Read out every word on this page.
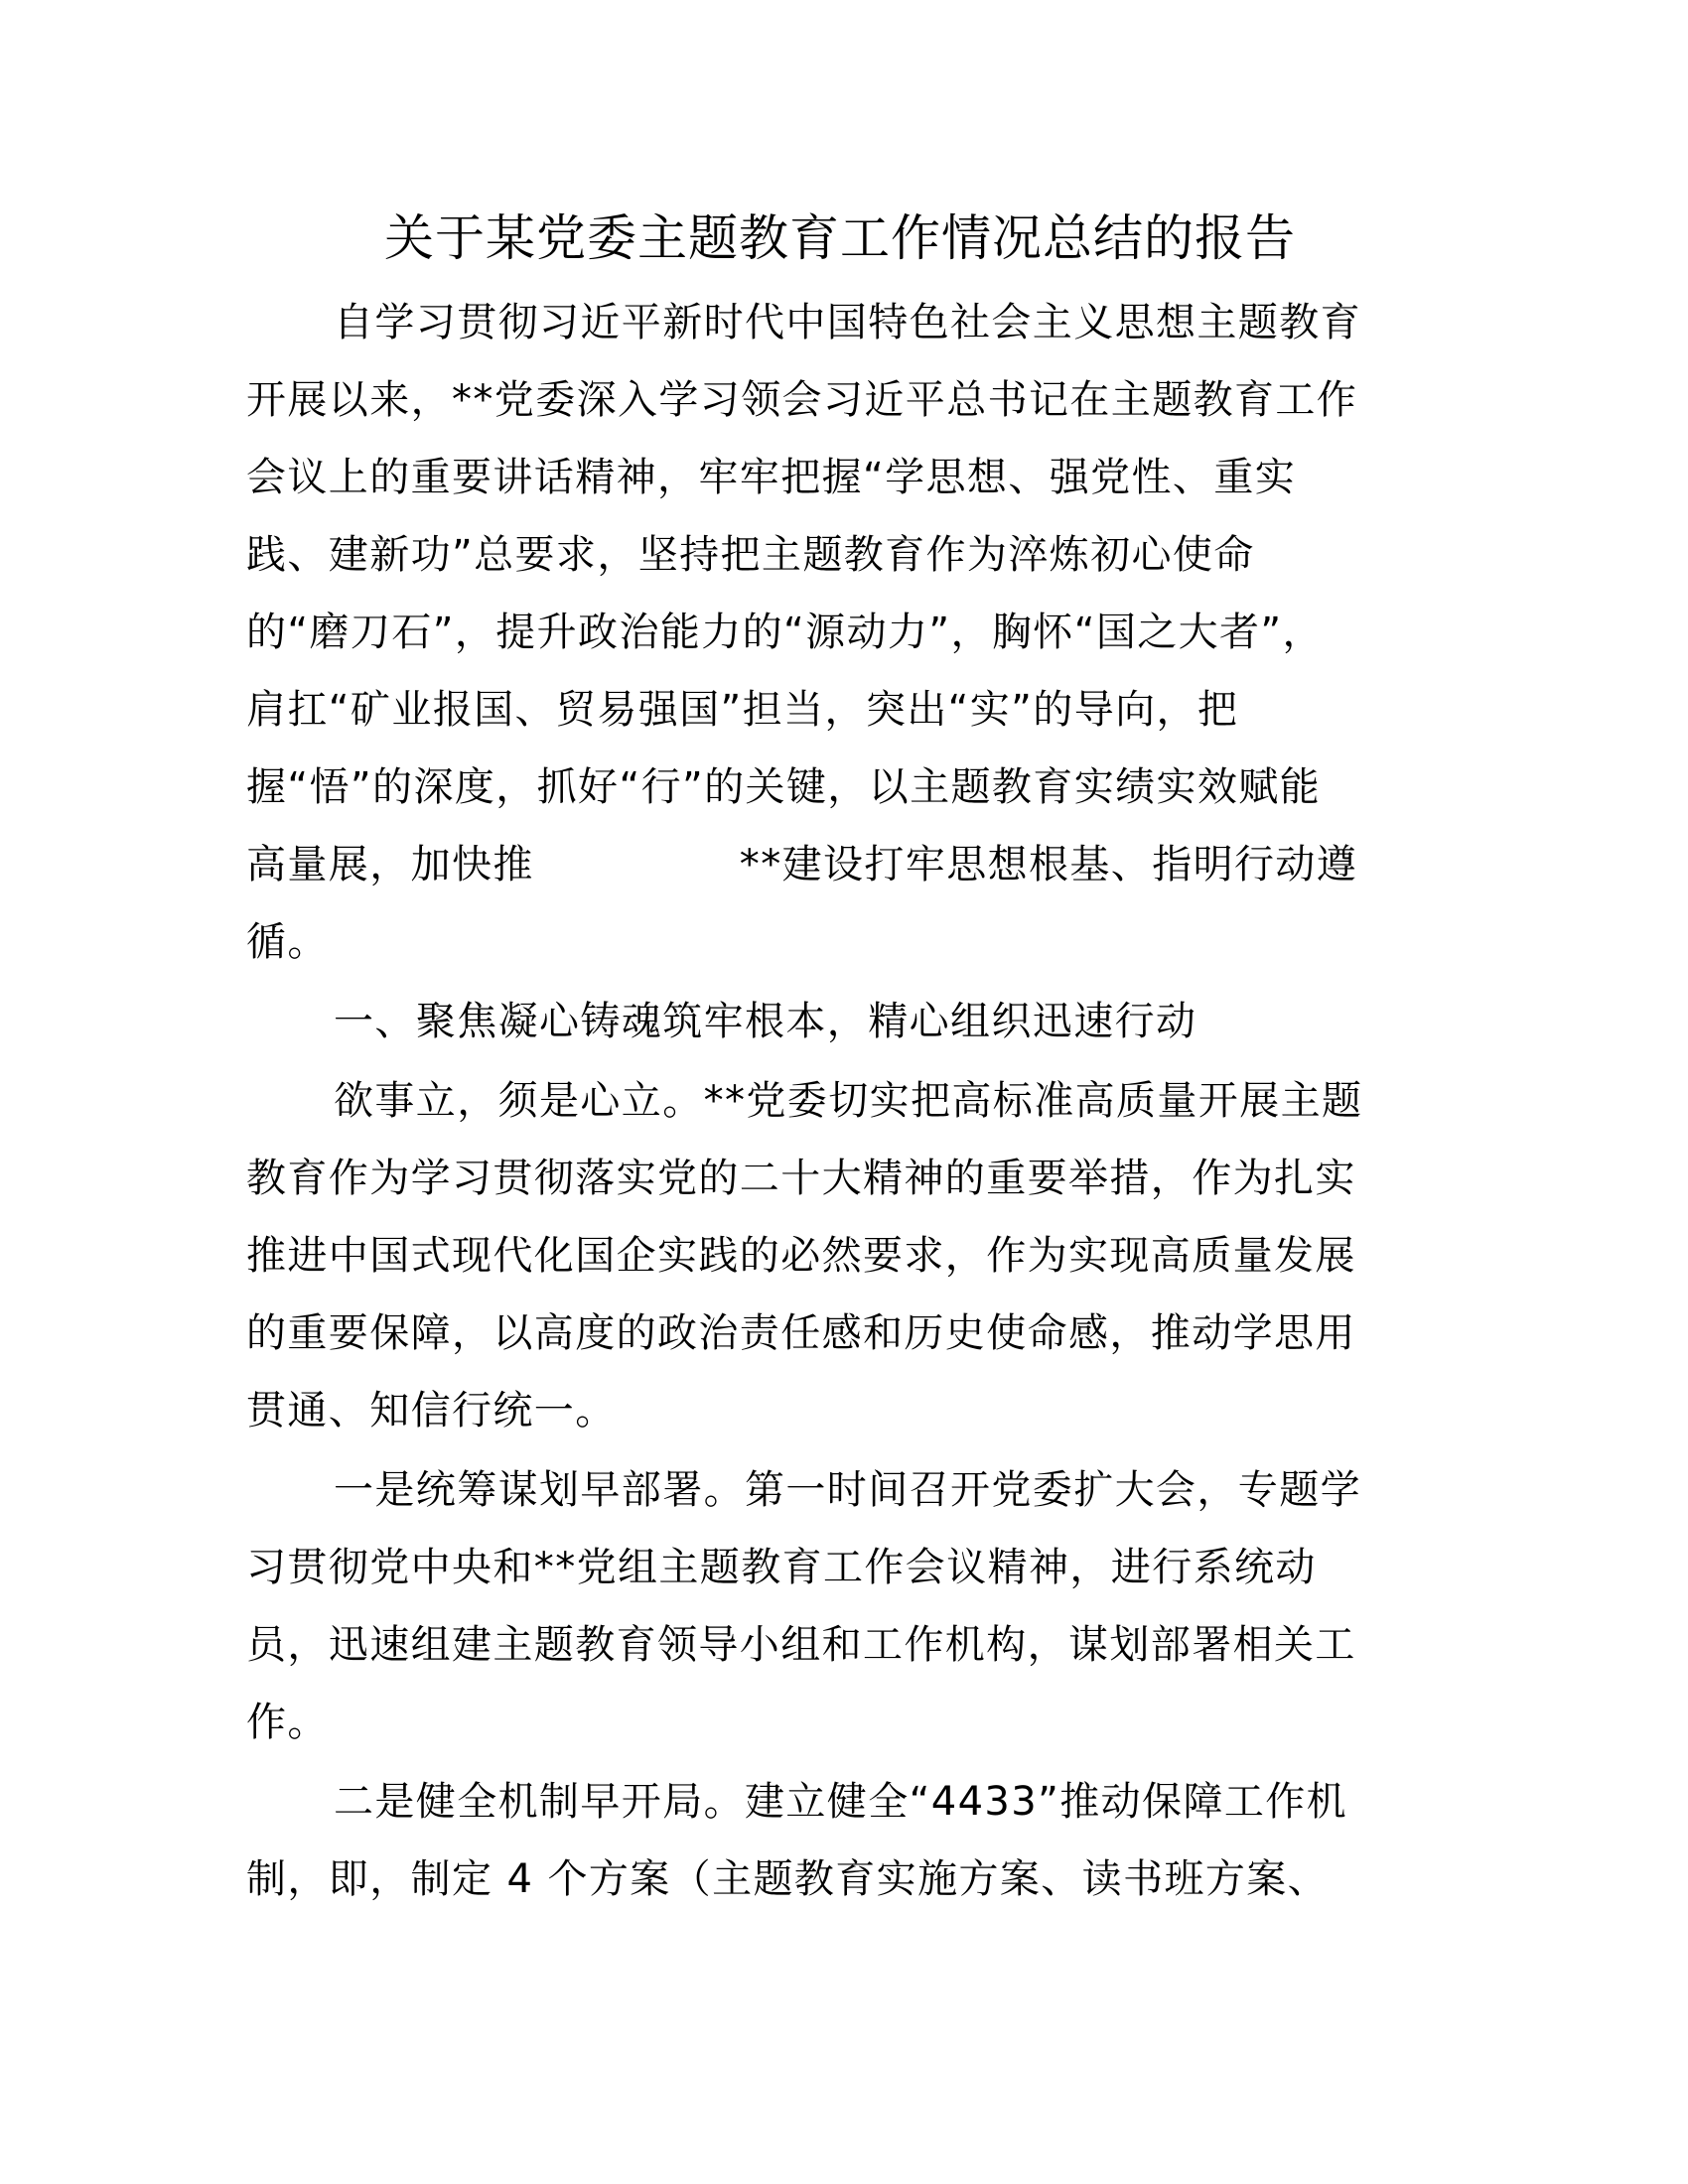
关于某党委主题教育工作情况总结的报告

自学习贯彻习近平新时代中国特色社会主义思想主题教育
开展以来，**党委深入学习领会习近平总书记在主题教育工作
会议上的重要讲话精神，牢牢把握“学思想、强党性、重实
践、建新功”总要求，坚持把主题教育作为淬炼初心使命
的“磨刀石”，提升政治能力的“源动力”，胸怀“国之大者”，
肩扛“矿业报国、贸易强国”担当，突出“实”的导向，把
握“悟”的深度，抓好“行”的关键，以主题教育实绩实效赋能
高量展，加快推　　　　　**建设打牢思想根基、指明行动遵
循。

一、聚焦凝心铸魂筑牢根本，精心组织迅速行动

欲事立，须是心立。**党委切实把高标准高质量开展主题
教育作为学习贯彻落实党的二十大精神的重要举措，作为扎实
推进中国式现代化国企实践的必然要求，作为实现高质量发展
的重要保障，以高度的政治责任感和历史使命感，推动学思用
贯通、知信行统一。

一是统筹谋划早部署。第一时间召开党委扩大会，专题学
习贯彻党中央和**党组主题教育工作会议精神，进行系统动
员，迅速组建主题教育领导小组和工作机构，谋划部署相关工
作。

二是健全机制早开局。建立健全“4433”推动保障工作机
制，即，制定 4 个方案（主题教育实施方案、读书班方案、
